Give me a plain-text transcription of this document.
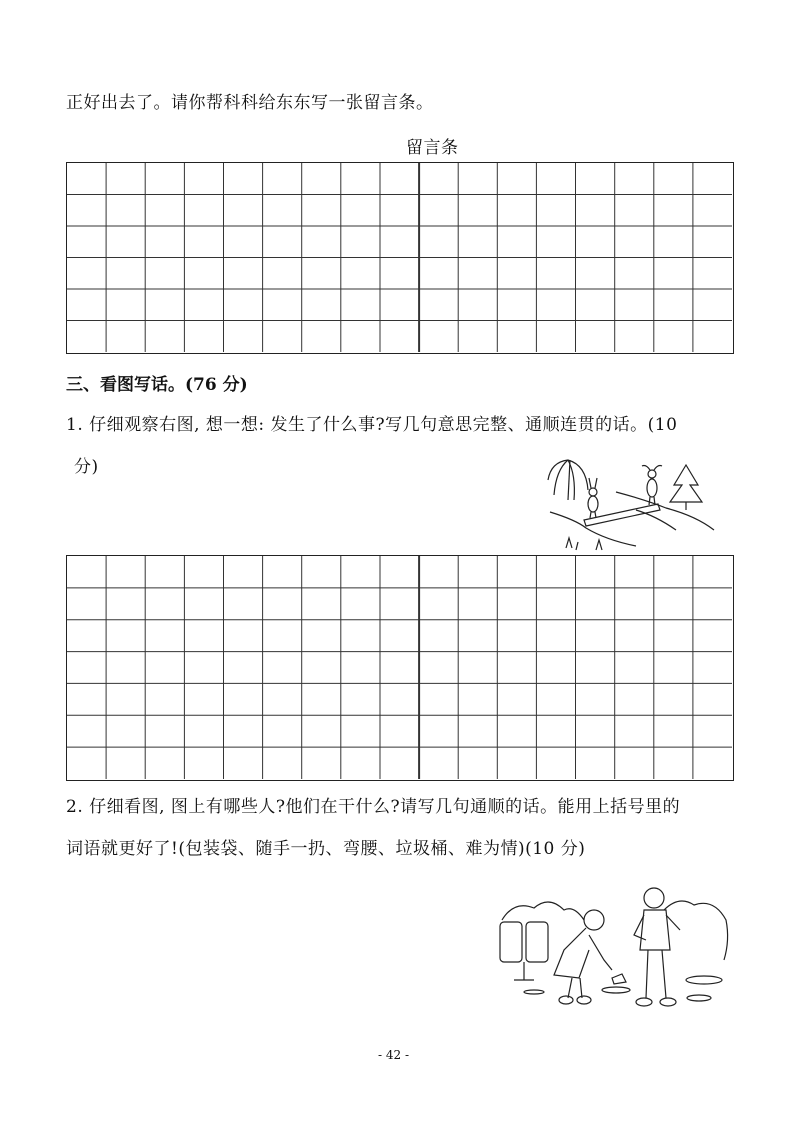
正好出去了。请你帮科科给东东写一张留言条。
留言条
三、看图写话。(76 分)
1. 仔细观察右图, 想一想: 发生了什么事?写几句意思完整、通顺连贯的话。(10
分)
2. 仔细看图, 图上有哪些人?他们在干什么?请写几句通顺的话。能用上括号里的
词语就更好了!(包装袋、随手一扔、弯腰、垃圾桶、难为情)(10 分)
- 42 -
